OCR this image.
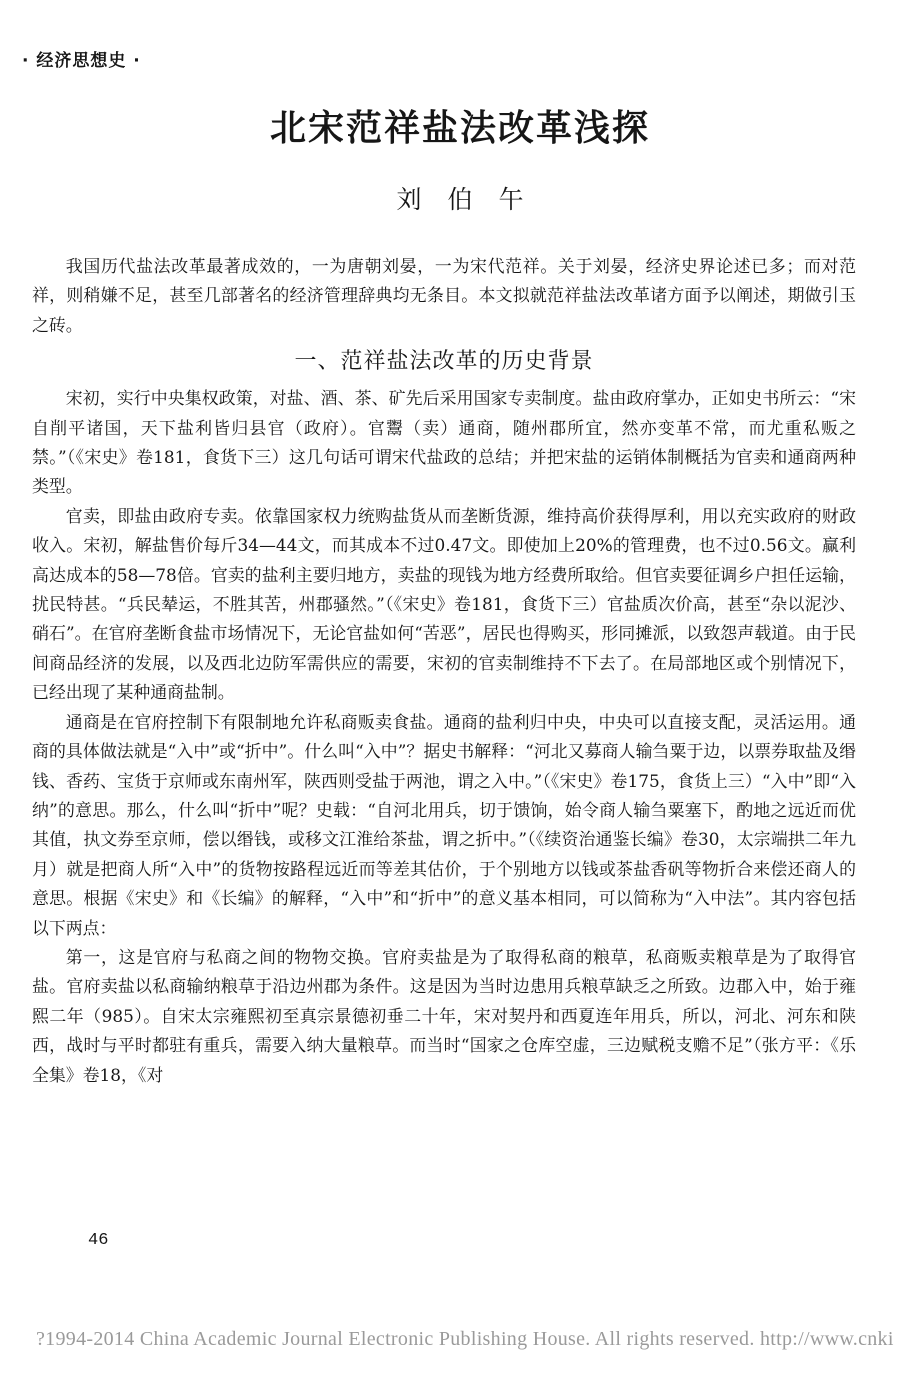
· 经济思想史 ·
北宋范祥盐法改革浅探
刘伯午

我国历代盐法改革最著成效的，一为唐朝刘晏，一为宋代范祥。关于刘晏，经济史界论述已多；而对范祥，则稍嫌不足，甚至几部著名的经济管理辞典均无条目。本文拟就范祥盐法改革诸方面予以阐述，期做引玉之砖。

一、范祥盐法改革的历史背景

宋初，实行中央集权政策，对盐、酒、茶、矿先后采用国家专卖制度。盐由政府掌办，正如史书所云：“宋自削平诸国，天下盐利皆归县官（政府）。官鬻（卖）通商，随州郡所宜，然亦变革不常，而尤重私贩之禁。”（《宋史》卷181，食货下三）这几句话可谓宋代盐政的总结；并把宋盐的运销体制概括为官卖和通商两种类型。

官卖，即盐由政府专卖。依靠国家权力统购盐货从而垄断货源，维持高价获得厚利，用以充实政府的财政收入。宋初，解盐售价每斤34—44文，而其成本不过0.47文。即使加上20%的管理费，也不过0.56文。赢利高达成本的58—78倍。官卖的盐利主要归地方，卖盐的现钱为地方经费所取给。但官卖要征调乡户担任运输，扰民特甚。“兵民辇运，不胜其苦，州郡骚然。”（《宋史》卷181，食货下三）官盐质次价高，甚至“杂以泥沙、硝石”。在官府垄断食盐市场情况下，无论官盐如何“苦恶”，居民也得购买，形同摊派，以致怨声载道。由于民间商品经济的发展，以及西北边防军需供应的需要，宋初的官卖制维持不下去了。在局部地区或个别情况下，已经出现了某种通商盐制。

通商是在官府控制下有限制地允许私商贩卖食盐。通商的盐利归中央，中央可以直接支配，灵活运用。通商的具体做法就是“入中”或“折中”。什么叫“入中”？据史书解释：“河北又募商人输刍粟于边，以票券取盐及缗钱、香药、宝货于京师或东南州军，陕西则受盐于两池，谓之入中。”（《宋史》卷175，食货上三）“入中”即“入纳”的意思。那么，什么叫“折中”呢？史载：“自河北用兵，切于馈饷，始令商人输刍粟塞下，酌地之远近而优其值，执文券至京师，偿以缗钱，或移文江淮给茶盐，谓之折中。”（《续资治通鉴长编》卷30，太宗端拱二年九月）就是把商人所“入中”的货物按路程远近而等差其估价，于个别地方以钱或茶盐香矾等物折合来偿还商人的意思。根据《宋史》和《长编》的解释，“入中”和“折中”的意义基本相同，可以简称为“入中法”。其内容包括以下两点：

第一，这是官府与私商之间的物物交换。官府卖盐是为了取得私商的粮草，私商贩卖粮草是为了取得官盐。官府卖盐以私商输纳粮草于沿边州郡为条件。这是因为当时边患用兵粮草缺乏之所致。边郡入中，始于雍熙二年（985）。自宋太宗雍熙初至真宗景德初垂二十年，宋对契丹和西夏连年用兵，所以，河北、河东和陕西，战时与平时都驻有重兵，需要入纳大量粮草。而当时“国家之仓库空虚，三边赋税支赡不足”（张方平：《乐全集》卷18，《对

46
?1994-2014 China Academic Journal Electronic Publishing House. All rights reserved. http://www.cnki
